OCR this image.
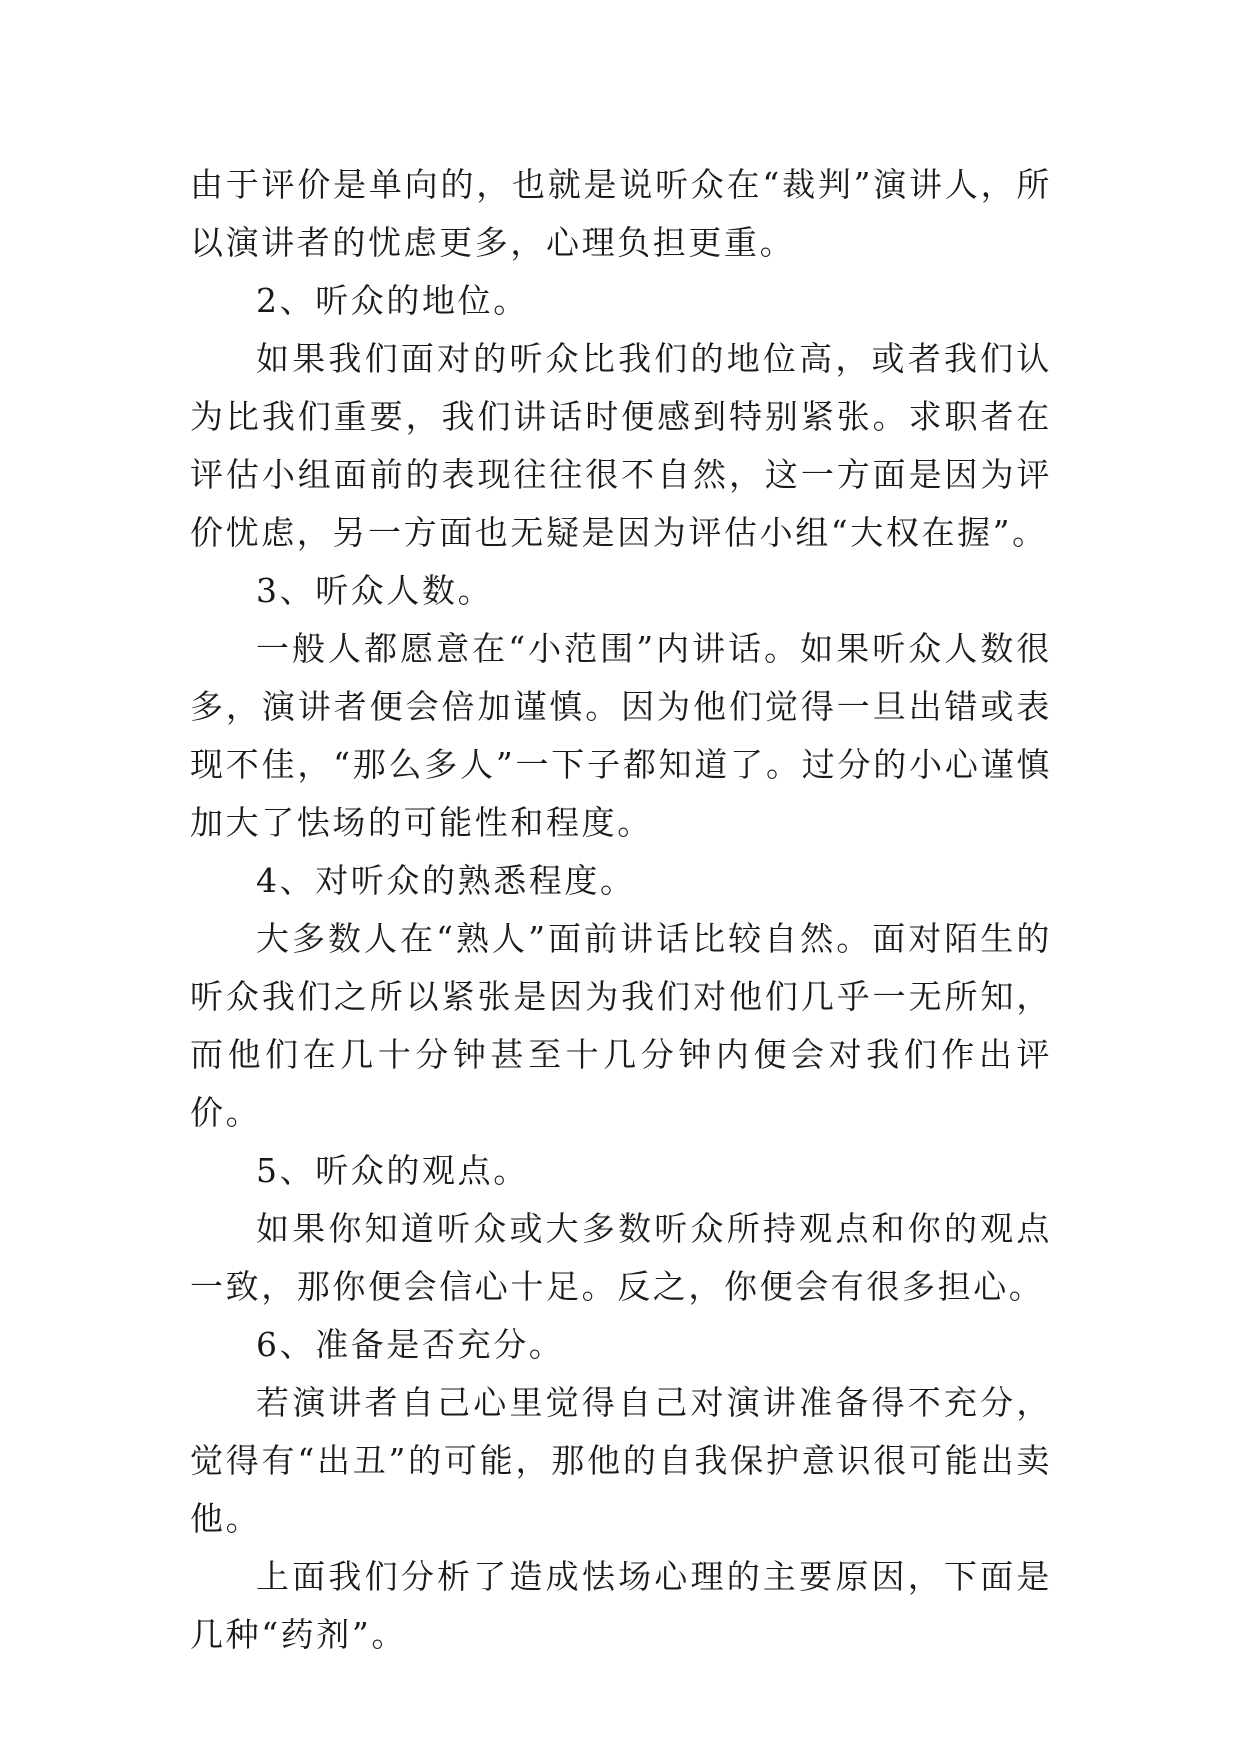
由于评价是单向的，也就是说听众在“裁判”演讲人，所以演讲者的忧虑更多，心理负担更重。

2、听众的地位。

如果我们面对的听众比我们的地位高，或者我们认为比我们重要，我们讲话时便感到特别紧张。求职者在评估小组面前的表现往往很不自然，这一方面是因为评价忧虑，另一方面也无疑是因为评估小组“大权在握”。

3、听众人数。

一般人都愿意在“小范围”内讲话。如果听众人数很多，演讲者便会倍加谨慎。因为他们觉得一旦出错或表现不佳，“那么多人”一下子都知道了。过分的小心谨慎加大了怯场的可能性和程度。

4、对听众的熟悉程度。

大多数人在“熟人”面前讲话比较自然。面对陌生的听众我们之所以紧张是因为我们对他们几乎一无所知，而他们在几十分钟甚至十几分钟内便会对我们作出评价。

5、听众的观点。

如果你知道听众或大多数听众所持观点和你的观点一致，那你便会信心十足。反之，你便会有很多担心。

6、准备是否充分。

若演讲者自己心里觉得自己对演讲准备得不充分，觉得有“出丑”的可能，那他的自我保护意识很可能出卖他。

上面我们分析了造成怯场心理的主要原因，下面是几种“药剂”。
